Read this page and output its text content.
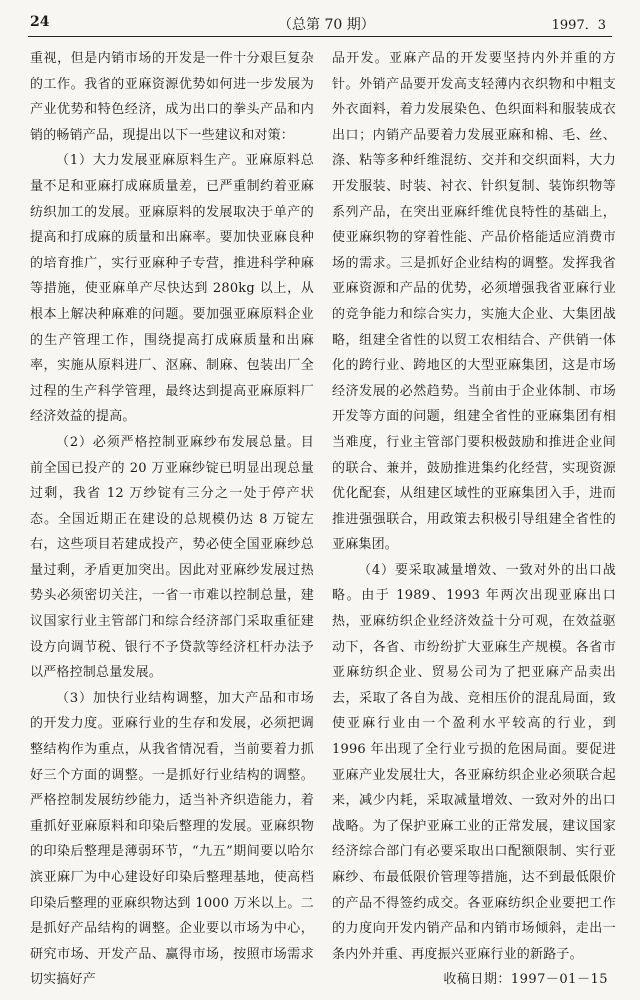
24	（总第 70 期）	1997．3

重视，但是内销市场的开发是一件十分艰巨复杂的工作。我省的亚麻资源优势如何进一步发展为产业优势和特色经济，成为出口的拳头产品和内销的畅销产品，现提出以下一些建议和对策：

（1）大力发展亚麻原料生产。亚麻原料总量不足和亚麻打成麻质量差，已严重制约着亚麻纺织加工的发展。亚麻原料的发展取决于单产的提高和打成麻的质量和出麻率。要加快亚麻良种的培育推广，实行亚麻种子专营，推进科学种麻等措施，使亚麻单产尽快达到 280kg 以上，从根本上解决种麻难的问题。要加强亚麻原料企业的生产管理工作，围绕提高打成麻质量和出麻率，实施从原料进厂、沤麻、制麻、包装出厂全过程的生产科学管理，最终达到提高亚麻原料厂经济效益的提高。

（2）必须严格控制亚麻纱布发展总量。目前全国已投产的 20 万亚麻纱锭已明显出现总量过剩，我省 12 万纱锭有三分之一处于停产状态。全国近期正在建设的总规模仍达 8 万锭左右，这些项目若建成投产，势必使全国亚麻纱总量过剩，矛盾更加突出。因此对亚麻纱发展过热势头必须密切关注，一省一市难以控制总量，建议国家行业主管部门和综合经济部门采取重征建设方向调节税、银行不予贷款等经济杠杆办法予以严格控制总量发展。

（3）加快行业结构调整，加大产品和市场的开发力度。亚麻行业的生存和发展，必须把调整结构作为重点，从我省情况看，当前要着力抓好三个方面的调整。一是抓好行业结构的调整。严格控制发展纺纱能力，适当补齐织造能力，着重抓好亚麻原料和印染后整理的发展。亚麻织物的印染后整理是薄弱环节，“九五”期间要以哈尔滨亚麻厂为中心建设好印染后整理基地，使高档印染后整理的亚麻织物达到 1000 万米以上。二是抓好产品结构的调整。企业要以市场为中心，研究市场、开发产品、赢得市场，按照市场需求切实搞好产

品开发。亚麻产品的开发要坚持内外并重的方针。外销产品要开发高支轻薄内衣织物和中粗支外衣面料，着力发展染色、色织面料和服装成衣出口；内销产品要着力发展亚麻和棉、毛、丝、涤、粘等多种纤维混纺、交并和交织面料，大力开发服装、时装、衬衣、针织复制、装饰织物等系列产品，在突出亚麻纤维优良特性的基础上，使亚麻织物的穿着性能、产品价格能适应消费市场的需求。三是抓好企业结构的调整。发挥我省亚麻资源和产品的优势，必须增强我省亚麻行业的竞争能力和综合实力，实施大企业、大集团战略，组建全省性的以贸工农相结合、产供销一体化的跨行业、跨地区的大型亚麻集团，这是市场经济发展的必然趋势。当前由于企业体制、市场开发等方面的问题，组建全省性的亚麻集团有相当难度，行业主管部门要积极鼓励和推进企业间的联合、兼并，鼓励推进集约化经营，实现资源优化配套，从组建区域性的亚麻集团入手，进而推进强强联合，用政策去积极引导组建全省性的亚麻集团。

（4）要采取减量增效、一致对外的出口战略。由于 1989、1993 年两次出现亚麻出口热，亚麻纺织企业经济效益十分可观，在效益驱动下，各省、市纷纷扩大亚麻生产规模。各省市亚麻纺织企业、贸易公司为了把亚麻产品卖出去，采取了各自为战、竞相压价的混乱局面，致使亚麻行业由一个盈利水平较高的行业，到 1996 年出现了全行业亏损的危困局面。要促进亚麻产业发展壮大，各亚麻纺织企业必须联合起来，减少内耗，采取减量增效、一致对外的出口战略。为了保护亚麻工业的正常发展，建议国家经济综合部门有必要采取出口配额限制、实行亚麻纱、布最低限价管理等措施，达不到最低限价的产品不得签约成交。各亚麻纺织企业要把工作的力度向开发内销产品和内销市场倾斜，走出一条内外并重、再度振兴亚麻行业的新路子。

收稿日期：1997－01－15
